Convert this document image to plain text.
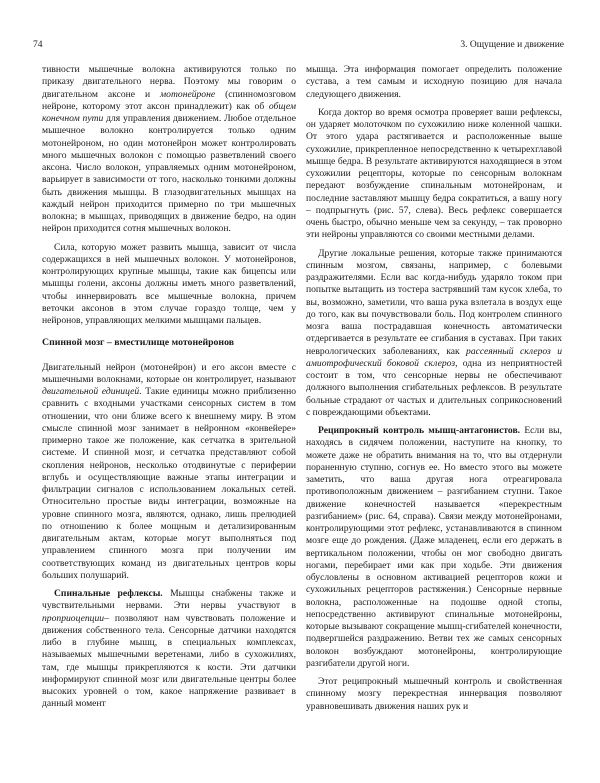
74	3. Ощущение и движение

тивности мышечные волокна активируются только по приказу двигательного нерва. Поэтому мы говорим о двигательном аксоне и мотонейроне (спинномозговом нейроне, которому этот аксон принадлежит) как об общем конечном пути для управления движением. Любое отдельное мышечное волокно контролируется только одним мотонейроном, но один мотонейрон может контролировать много мышечных волокон с помощью разветвлений своего аксона. Число волокон, управляемых одним мотонейроном, варьирует в зависимости от того, насколько тонкими должны быть движения мышцы. В глазодвигательных мышцах на каждый нейрон приходится примерно по три мышечных волокна; в мышцах, приводящих в движение бедро, на один нейрон приходится сотня мышечных волокон.

Сила, которую может развить мышца, зависит от числа содержащихся в ней мышечных волокон. У мотонейронов, контролирующих крупные мышцы, такие как бицепсы или мышцы голени, аксоны должны иметь много разветвлений, чтобы иннервировать все мышечные волокна, причем веточки аксонов в этом случае гораздо толще, чем у нейронов, управляющих мелкими мышцами пальцев.

Спинной мозг – вместилище мотонейронов

Двигательный нейрон (мотонейрон) и его аксон вместе с мышечными волокнами, которые он контролирует, называют двигательной единицей. Такие единицы можно приблизенно сравнить с входными участками сенсорных систем в том отношении, что они ближе всего к внешнему миру. В этом смысле спинной мозг занимает в нейронном «конвейере» примерно такое же положение, как сетчатка в зрительной системе. И спинной мозг, и сетчатка представляют собой скопления нейронов, несколько отодвинутые с периферии вглубь и осуществляющие важные этапы интеграции и фильтрации сигналов с использованием локальных сетей. Относительно простые виды интеграции, возможные на уровне спинного мозга, являются, однако, лишь прелюдией по отношению к более мощным и детализированным двигательным актам, которые могут выполняться под управлением спинного мозга при получении им соответствующих команд из двигательных центров коры больших полушарий.

Спинальные рефлексы. Мышцы снабжены также и чувствительными нервами. Эти нервы участвуют в проприоцепции– позволяют нам чувствовать положение и движения собственного тела. Сенсорные датчики находятся либо в глубине мышц, в специальных комплексах, называемых мышечными веретенами, либо в сухожилиях, там, где мышцы прикрепляются к кости. Эти датчики информируют спинной мозг или двигательные центры более высоких уровней о том, какое напряжение развивает в данный момент

мышца. Эта информация помогает определить положение сустава, а тем самым и исходную позицию для начала следующего движения.

Когда доктор во время осмотра проверяет ваши рефлексы, он ударяет молоточком по сухожилию ниже коленной чашки. От этого удара растягивается и расположенные выше сухожилие, прикрепленное непосредственно к четырехглавой мышце бедра. В результате активируются находящиеся в этом сухожилии рецепторы, которые по сенсорным волокнам передают возбуждение спинальным мотонейронам, и последние заставляют мышцу бедра сократиться, а вашу ногу – подпрыгнуть (рис. 57, слева). Весь рефлекс совершается очень быстро, обычно меньше чем за секунду, – так проворно эти нейроны управляются со своими местными делами.

Другие локальные решения, которые также принимаются спинным мозгом, связаны, например, с болевыми раздражителями. Если вас когда-нибудь ударяло током при попытке вытащить из тостера застрявший там кусок хлеба, то вы, возможно, заметили, что ваша рука взлетала в воздух еще до того, как вы почувствовали боль. Под контролем спинного мозга ваша пострадавшая конечность автоматически отдергивается в результате ее сгибания в суставах. При таких неврологических заболеваниях, как рассеянный склероз и амиотрофический боковой склероз, одна из неприятностей состоит в том, что сенсорные нервы не обеспечивают должного выполнения сгибательных рефлексов. В результате больные страдают от частых и длительных соприкосновений с повреждающими объектами.

Реципрокный контроль мышц-антагонистов. Если вы, находясь в сидячем положении, наступите на кнопку, то можете даже не обратить внимания на то, что вы отдернули пораненную ступню, согнув ее. Но вместо этого вы можете заметить, что ваша другая нога отреагировала противоположным движением – разгибанием ступни. Такое движение конечностей называется «перекрестным разгибанием» (рис. 64, справа). Связи между мотонейронами, контролирующими этот рефлекс, устанавливаются в спинном мозге еще до рождения. (Даже младенец, если его держать в вертикальном положении, чтобы он мог свободно двигать ногами, перебирает ими как при ходьбе. Эти движения обусловлены в основном активацией рецепторов кожи и сухожильных рецепторов растяжения.) Сенсорные нервные волокна, расположенные на подошве одной стопы, непосредственно активируют спинальные мотонейроны, которые вызывают сокращение мышц-сгибателей конечности, подвергшейся раздражению. Ветви тех же самых сенсорных волокон возбуждают мотонейроны, контролирующие разгибатели другой ноги.

Этот реципрокный мышечный контроль и свойственная спинному мозгу перекрестная иннервация позволяют уравновешивать движения наших рук и
